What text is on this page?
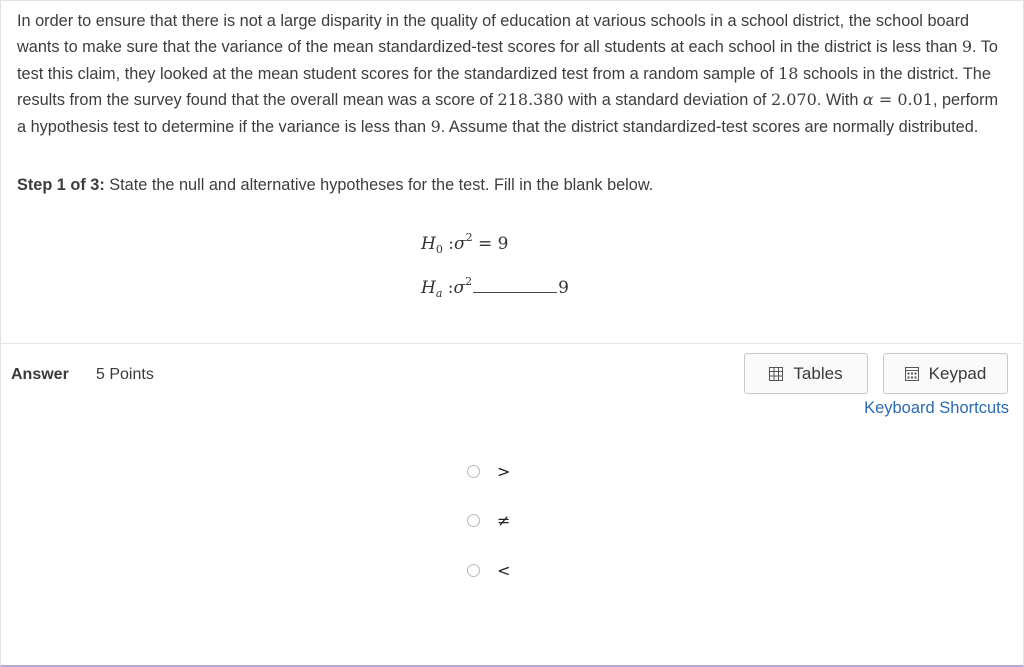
In order to ensure that there is not a large disparity in the quality of education at various schools in a school district, the school board wants to make sure that the variance of the mean standardized-test scores for all students at each school in the district is less than 9. To test this claim, they looked at the mean student scores for the standardized test from a random sample of 18 schools in the district. The results from the survey found that the overall mean was a score of 218.380 with a standard deviation of 2.070. With α = 0.01, perform a hypothesis test to determine if the variance is less than 9. Assume that the district standardized-test scores are normally distributed.
Step 1 of 3: State the null and alternative hypotheses for the test. Fill in the blank below.
$H_0$ $:\sigma^2 = 9$
$H_a$ $:\sigma^2$	9
Answer 5 Points	Tables	Keypad
Keyboard Shortcuts
>
≠
<
